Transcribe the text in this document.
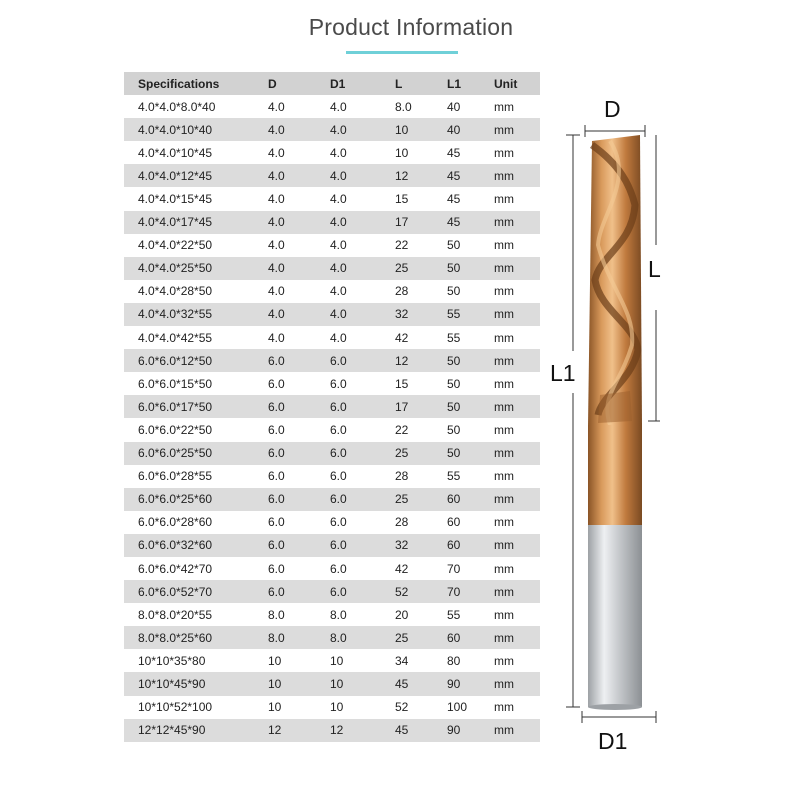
Product Information
Specifications	D	D1	L	L1	Unit
4.0*4.0*8.0*40	4.0	4.0	8.0	40	mm
4.0*4.0*10*40	4.0	4.0	10	40	mm
4.0*4.0*10*45	4.0	4.0	10	45	mm
4.0*4.0*12*45	4.0	4.0	12	45	mm
4.0*4.0*15*45	4.0	4.0	15	45	mm
4.0*4.0*17*45	4.0	4.0	17	45	mm
4.0*4.0*22*50	4.0	4.0	22	50	mm
4.0*4.0*25*50	4.0	4.0	25	50	mm
4.0*4.0*28*50	4.0	4.0	28	50	mm
4.0*4.0*32*55	4.0	4.0	32	55	mm
4.0*4.0*42*55	4.0	4.0	42	55	mm
6.0*6.0*12*50	6.0	6.0	12	50	mm
6.0*6.0*15*50	6.0	6.0	15	50	mm
6.0*6.0*17*50	6.0	6.0	17	50	mm
6.0*6.0*22*50	6.0	6.0	22	50	mm
6.0*6.0*25*50	6.0	6.0	25	50	mm
6.0*6.0*28*55	6.0	6.0	28	55	mm
6.0*6.0*25*60	6.0	6.0	25	60	mm
6.0*6.0*28*60	6.0	6.0	28	60	mm
6.0*6.0*32*60	6.0	6.0	32	60	mm
6.0*6.0*42*70	6.0	6.0	42	70	mm
6.0*6.0*52*70	6.0	6.0	52	70	mm
8.0*8.0*20*55	8.0	8.0	20	55	mm
8.0*8.0*25*60	8.0	8.0	25	60	mm
10*10*35*80	10	10	34	80	mm
10*10*45*90	10	10	45	90	mm
10*10*52*100	10	10	52	100	mm
12*12*45*90	12	12	45	90	mm
D
L
L1
D1
